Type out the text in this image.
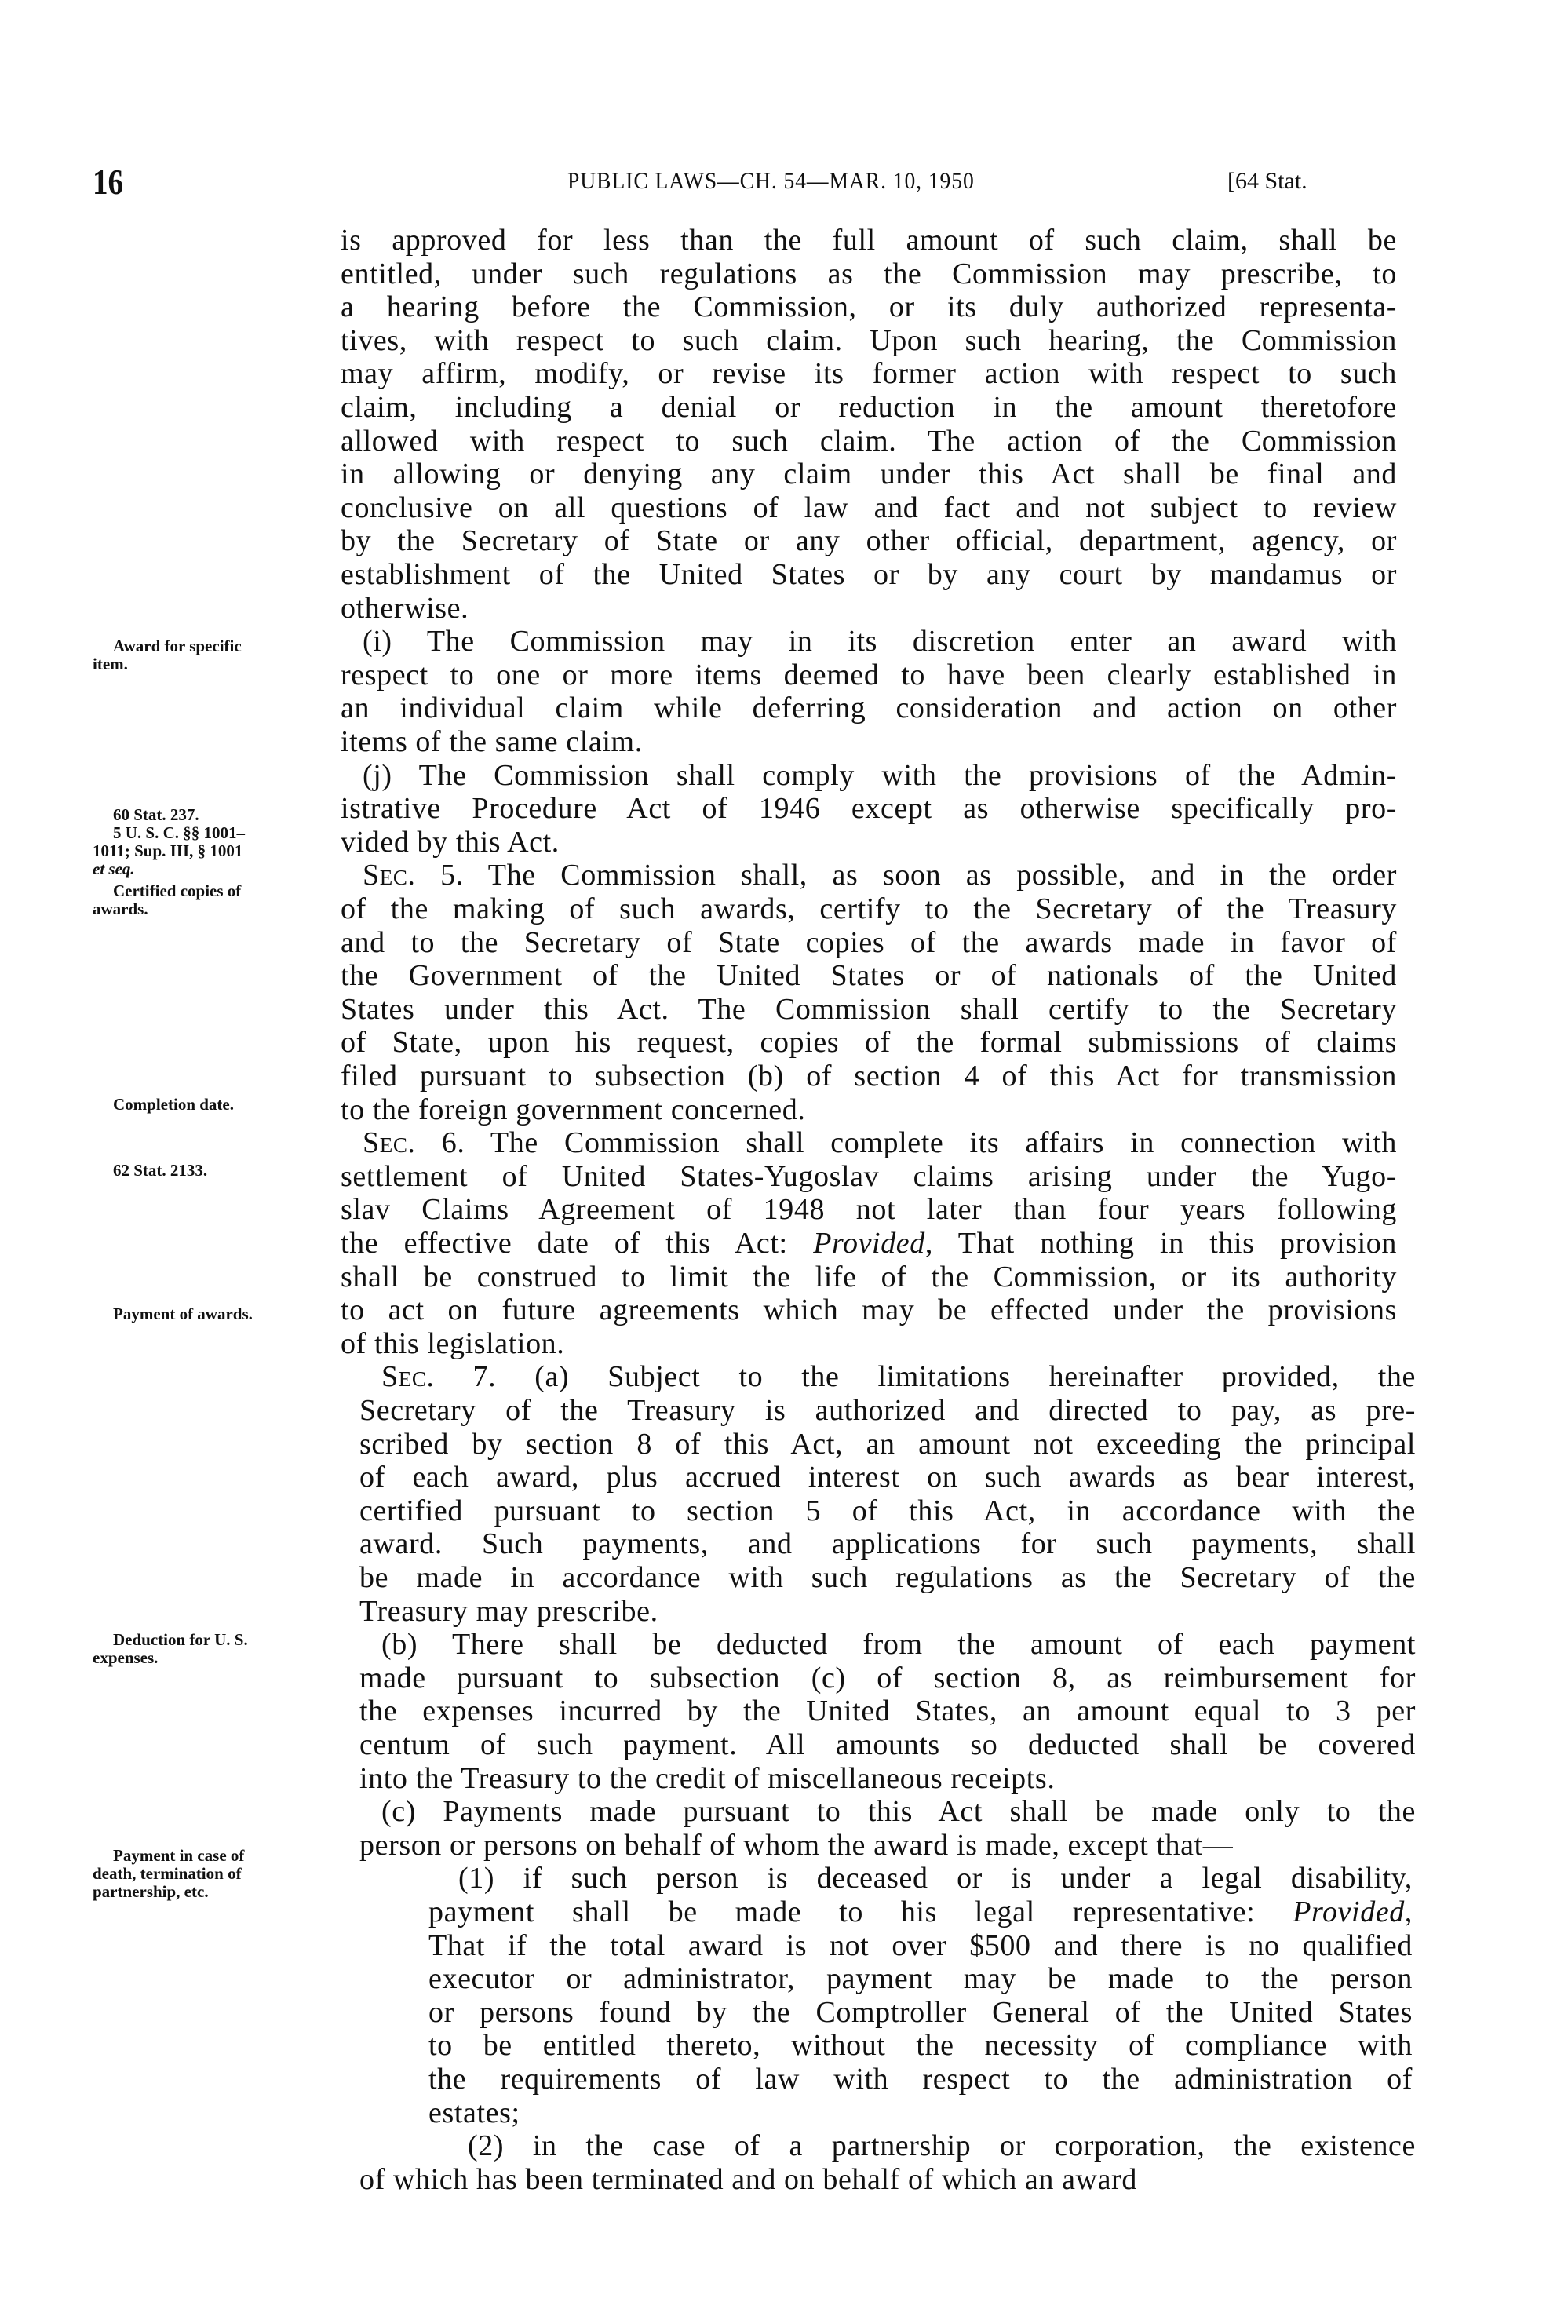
16	PUBLIC LAWS—CH. 54—MAR. 10, 1950	[64 Stat.
is approved for less than the full amount of such claim, shall be
entitled, under such regulations as the Commission may prescribe, to
a hearing before the Commission, or its duly authorized representa-
tives, with respect to such claim. Upon such hearing, the Commission
may affirm, modify, or revise its former action with respect to such
claim, including a denial or reduction in the amount theretofore
allowed with respect to such claim. The action of the Commission
in allowing or denying any claim under this Act shall be final and
conclusive on all questions of law and fact and not subject to review
by the Secretary of State or any other official, department, agency, or
establishment of the United States or by any court by mandamus or
otherwise.
(i) The Commission may in its discretion enter an award with
respect to one or more items deemed to have been clearly established in
an individual claim while deferring consideration and action on other
items of the same claim.
(j) The Commission shall comply with the provisions of the Admin-
istrative Procedure Act of 1946 except as otherwise specifically pro-
vided by this Act.
Sec. 5. The Commission shall, as soon as possible, and in the order
of the making of such awards, certify to the Secretary of the Treasury
and to the Secretary of State copies of the awards made in favor of
the Government of the United States or of nationals of the United
States under this Act. The Commission shall certify to the Secretary
of State, upon his request, copies of the formal submissions of claims
filed pursuant to subsection (b) of section 4 of this Act for transmission
to the foreign government concerned.
Sec. 6. The Commission shall complete its affairs in connection with
settlement of United States-Yugoslav claims arising under the Yugo-
slav Claims Agreement of 1948 not later than four years following
the effective date of this Act: Provided, That nothing in this provision
shall be construed to limit the life of the Commission, or its authority
to act on future agreements which may be effected under the provisions
of this legislation.
Sec. 7. (a) Subject to the limitations hereinafter provided, the
Secretary of the Treasury is authorized and directed to pay, as pre-
scribed by section 8 of this Act, an amount not exceeding the principal
of each award, plus accrued interest on such awards as bear interest,
certified pursuant to section 5 of this Act, in accordance with the
award. Such payments, and applications for such payments, shall
be made in accordance with such regulations as the Secretary of the
Treasury may prescribe.
(b) There shall be deducted from the amount of each payment
made pursuant to subsection (c) of section 8, as reimbursement for
the expenses incurred by the United States, an amount equal to 3 per
centum of such payment. All amounts so deducted shall be covered
into the Treasury to the credit of miscellaneous receipts.
(c) Payments made pursuant to this Act shall be made only to the
person or persons on behalf of whom the award is made, except that—
(1) if such person is deceased or is under a legal disability,
payment shall be made to his legal representative: Provided,
That if the total award is not over $500 and there is no qualified
executor or administrator, payment may be made to the person
or persons found by the Comptroller General of the United States
to be entitled thereto, without the necessity of compliance with
the requirements of law with respect to the administration of
estates;
(2) in the case of a partnership or corporation, the existence
of which has been terminated and on behalf of which an award
Award for specific
item.
60 Stat. 237.
5 U. S. C. §§ 1001–
1011; Sup. III, § 1001
et seq.
Certified copies of
awards.
Completion date.
62 Stat. 2133.
Payment of awards.
Deduction for U. S.
expenses.
Payment in case of
death, termination of
partnership, etc.
